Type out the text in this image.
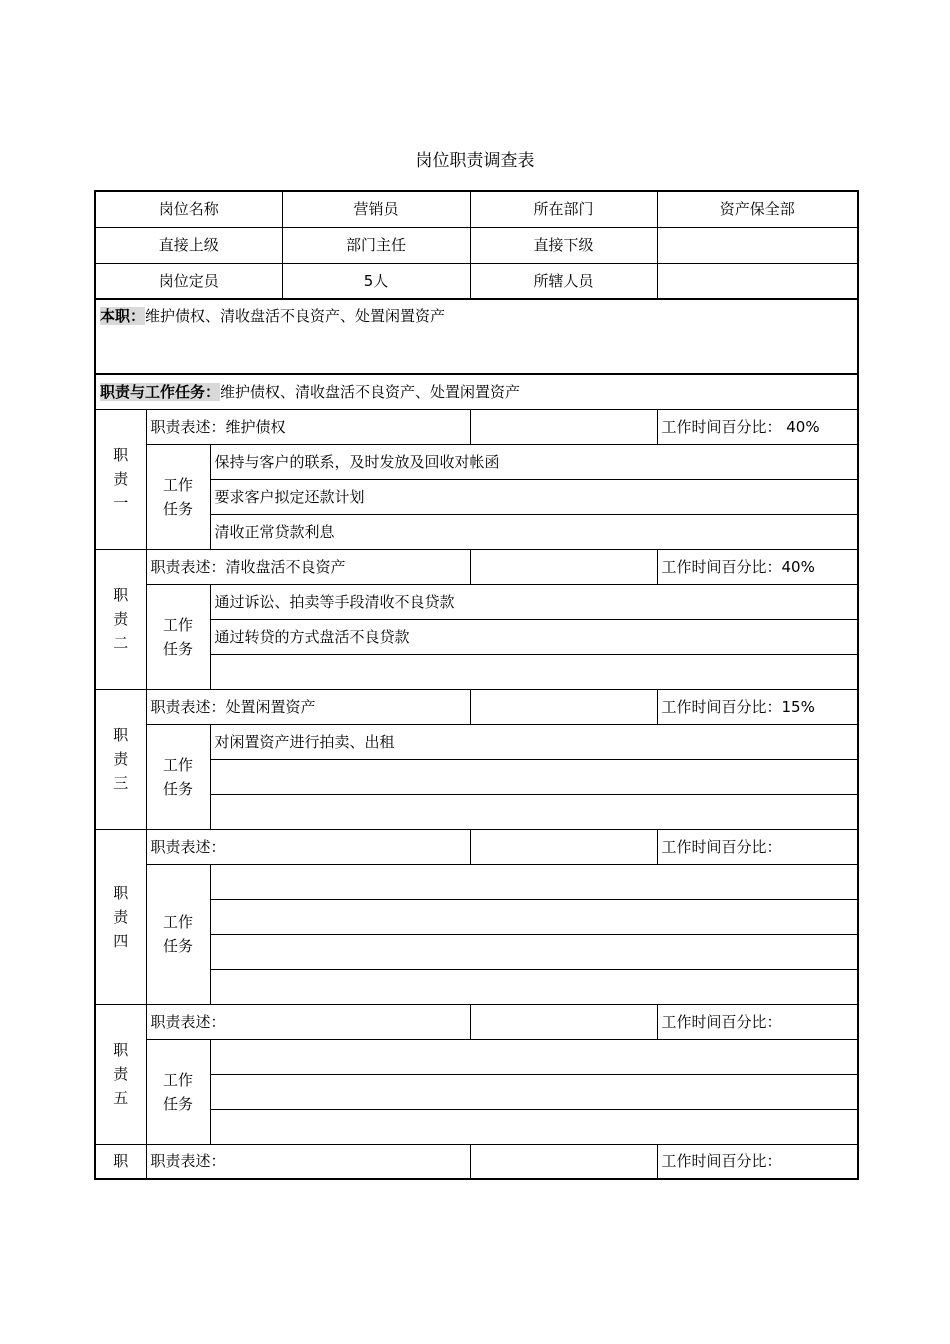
岗位职责调查表
岗位名称			营销员	所在部门	资产保全部
直接上级			部门主任	直接下级	
岗位定员			5人	所辖人员	
本职：维护债权、清收盘活不良资产、处置闲置资产					
职责与工作任务：维护债权、清收盘活不良资产、处置闲置资产					

职
责
一	职责表述：维护债权				工作时间百分比： 40%

	工作
任务	保持与客户的联系，及时发放及回收对帐函			
		要求客户拟定还款计划			
		清收正常贷款利息			

职
责
二	职责表述：清收盘活不良资产				工作时间百分比：40%

	工作
任务	通过诉讼、拍卖等手段清收不良贷款			
		通过转贷的方式盘活不良贷款			

职
责
三	职责表述：处置闲置资产				工作时间百分比：15%

	工作
任务	对闲置资产进行拍卖、出租			

职
责
四	职责表述：				工作时间百分比：

	工作
任务				

职
责
五	职责表述：				工作时间百分比：

	工作
任务				

职	职责表述：				工作时间百分比：
